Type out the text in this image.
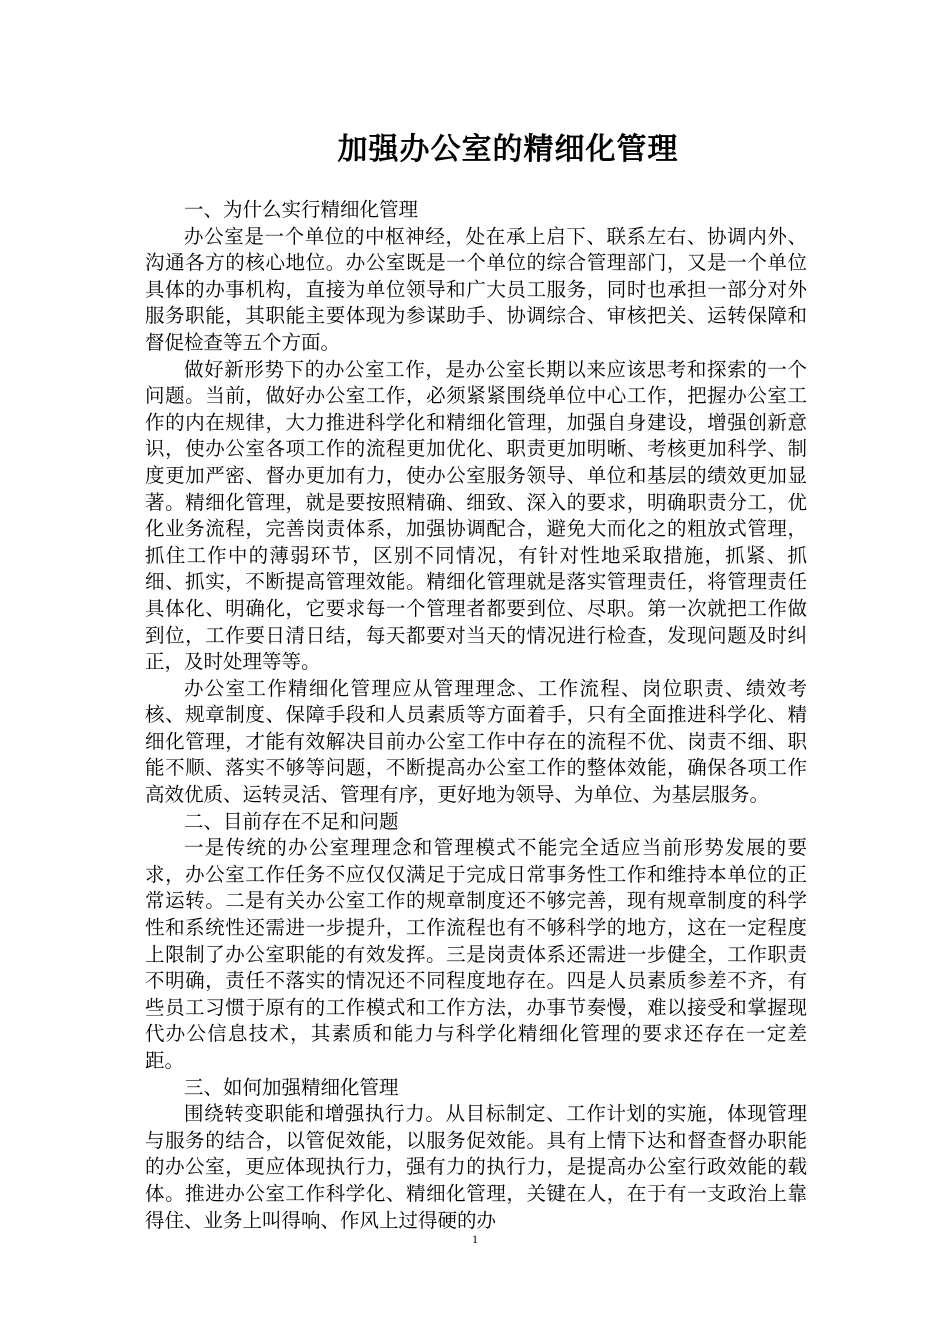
加强办公室的精细化管理

一、为什么实行精细化管理

办公室是一个单位的中枢神经，处在承上启下、联系左右、协调内外、沟通各方的核心地位。办公室既是一个单位的综合管理部门，又是一个单位具体的办事机构，直接为单位领导和广大员工服务，同时也承担一部分对外服务职能，其职能主要体现为参谋助手、协调综合、审核把关、运转保障和督促检查等五个方面。

做好新形势下的办公室工作，是办公室长期以来应该思考和探索的一个问题。当前，做好办公室工作，必须紧紧围绕单位中心工作，把握办公室工作的内在规律，大力推进科学化和精细化管理，加强自身建设，增强创新意识，使办公室各项工作的流程更加优化、职责更加明晰、考核更加科学、制度更加严密、督办更加有力，使办公室服务领导、单位和基层的绩效更加显著。精细化管理，就是要按照精确、细致、深入的要求，明确职责分工，优化业务流程，完善岗责体系，加强协调配合，避免大而化之的粗放式管理，抓住工作中的薄弱环节，区别不同情况，有针对性地采取措施，抓紧、抓细、抓实，不断提高管理效能。精细化管理就是落实管理责任，将管理责任具体化、明确化，它要求每一个管理者都要到位、尽职。第一次就把工作做到位，工作要日清日结，每天都要对当天的情况进行检查，发现问题及时纠正，及时处理等等。

办公室工作精细化管理应从管理理念、工作流程、岗位职责、绩效考核、规章制度、保障手段和人员素质等方面着手，只有全面推进科学化、精细化管理，才能有效解决目前办公室工作中存在的流程不优、岗责不细、职能不顺、落实不够等问题，不断提高办公室工作的整体效能，确保各项工作高效优质、运转灵活、管理有序，更好地为领导、为单位、为基层服务。

二、目前存在不足和问题

一是传统的办公室理理念和管理模式不能完全适应当前形势发展的要求，办公室工作任务不应仅仅满足于完成日常事务性工作和维持本单位的正常运转。二是有关办公室工作的规章制度还不够完善，现有规章制度的科学性和系统性还需进一步提升，工作流程也有不够科学的地方，这在一定程度上限制了办公室职能的有效发挥。三是岗责体系还需进一步健全，工作职责不明确，责任不落实的情况还不同程度地存在。四是人员素质参差不齐，有些员工习惯于原有的工作模式和工作方法，办事节奏慢，难以接受和掌握现代办公信息技术，其素质和能力与科学化精细化管理的要求还存在一定差距。

三、如何加强精细化管理

围绕转变职能和增强执行力。从目标制定、工作计划的实施，体现管理与服务的结合，以管促效能，以服务促效能。具有上情下达和督查督办职能的办公室，更应体现执行力，强有力的执行力，是提高办公室行政效能的载体。推进办公室工作科学化、精细化管理，关键在人，在于有一支政治上靠得住、业务上叫得响、作风上过得硬的办

1
